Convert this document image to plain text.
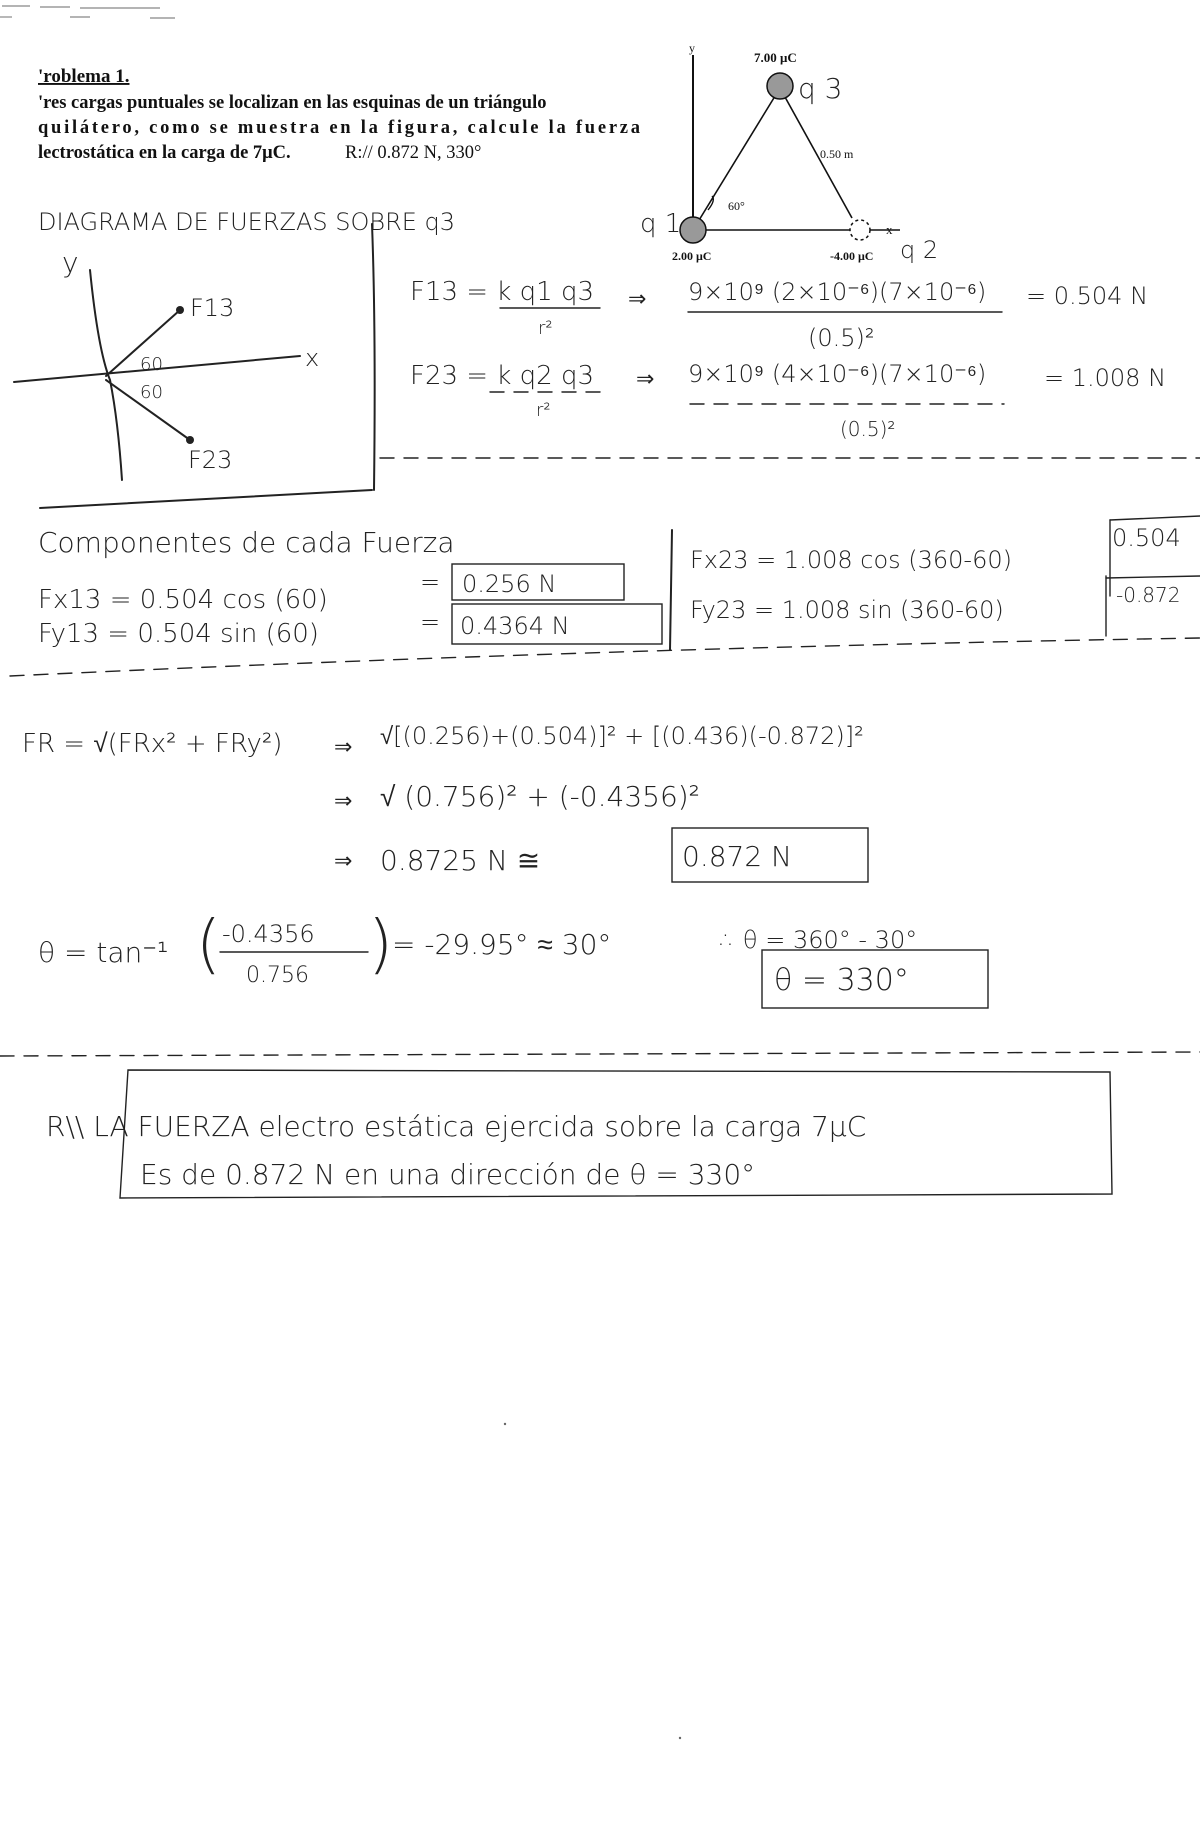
'roblema 1.
'res cargas puntuales se localizan en las esquinas de un triángulo
quilátero, como se muestra en la figura, calcule la fuerza
lectrostática en la carga de 7μC.	R:// 0.872 N, 330°
y
x
7.00 μC
q 3
0.50 m
60°
q 1
2.00 μC	-4.00 μC q 2
DIAGRAMA DE FUERZAS SOBRE q3
y
x
F13
F23
60
60
F13 = k q1 q3
r²
⇒ 9×10⁹ (2×10⁻⁶)(7×10⁻⁶)
(0.5)²
= 0.504 N
F23 = k q2 q3
r²
⇒ 9×10⁹ (4×10⁻⁶)(7×10⁻⁶)
(0.5)²
= 1.008 N
Componentes de cada Fuerza
Fx13 = 0.504 cos (60)
= 0.256 N
Fy13 = 0.504 sin (60)	= 0.4364 N
Fx23 = 1.008 cos (360-60)
0.504
Fy23 = 1.008 sin (360-60)
-0.872
FR = √(FRx² + FRy²) ⇒ √[(0.256)+(0.504)]² + [(0.436)(-0.872)]²
⇒ √ (0.756)² + (-0.4356)²
⇒ 0.8725 N ≅	0.872 N
θ = tan⁻¹ ( -0.4356
0.756 ) = -29.95° ≈ 30°	∴ θ = 360° - 30°
θ = 330°
R\\ LA FUERZA electro estática ejercida sobre la carga 7μC
Es de 0.872 N en una dirección de θ = 330°
